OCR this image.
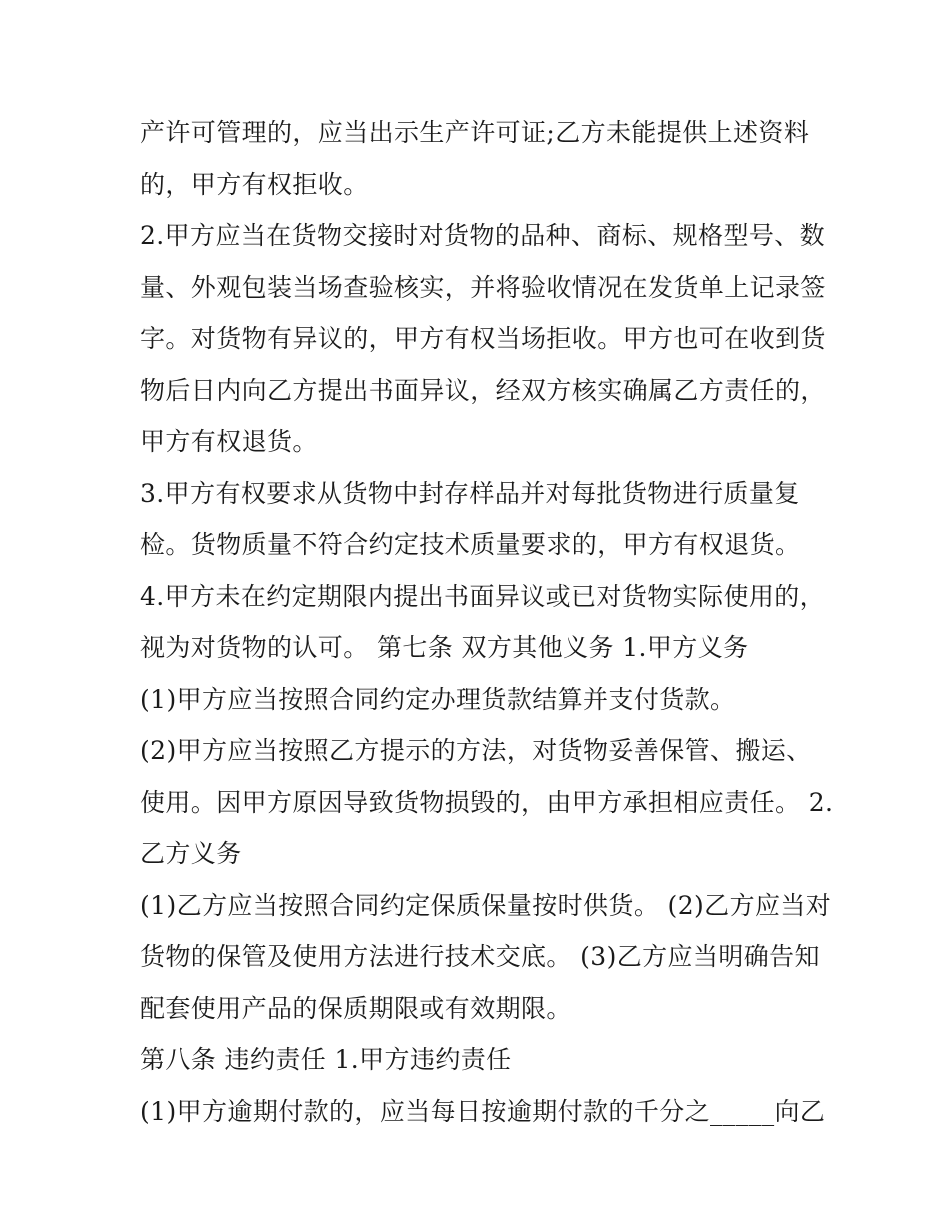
产许可管理的，应当出示生产许可证;乙方未能提供上述资料
的，甲方有权拒收。
2.甲方应当在货物交接时对货物的品种、商标、规格型号、数
量、外观包装当场查验核实，并将验收情况在发货单上记录签
字。对货物有异议的，甲方有权当场拒收。甲方也可在收到货
物后日内向乙方提出书面异议，经双方核实确属乙方责任的，
甲方有权退货。
3.甲方有权要求从货物中封存样品并对每批货物进行质量复
检。货物质量不符合约定技术质量要求的，甲方有权退货。
4.甲方未在约定期限内提出书面异议或已对货物实际使用的，
视为对货物的认可。 第七条 双方其他义务 1.甲方义务
(1)甲方应当按照合同约定办理货款结算并支付货款。
(2)甲方应当按照乙方提示的方法，对货物妥善保管、搬运、
使用。因甲方原因导致货物损毁的，由甲方承担相应责任。 2.
乙方义务
(1)乙方应当按照合同约定保质保量按时供货。 (2)乙方应当对
货物的保管及使用方法进行技术交底。 (3)乙方应当明确告知
配套使用产品的保质期限或有效期限。
第八条 违约责任 1.甲方违约责任
(1)甲方逾期付款的，应当每日按逾期付款的千分之_____向乙
